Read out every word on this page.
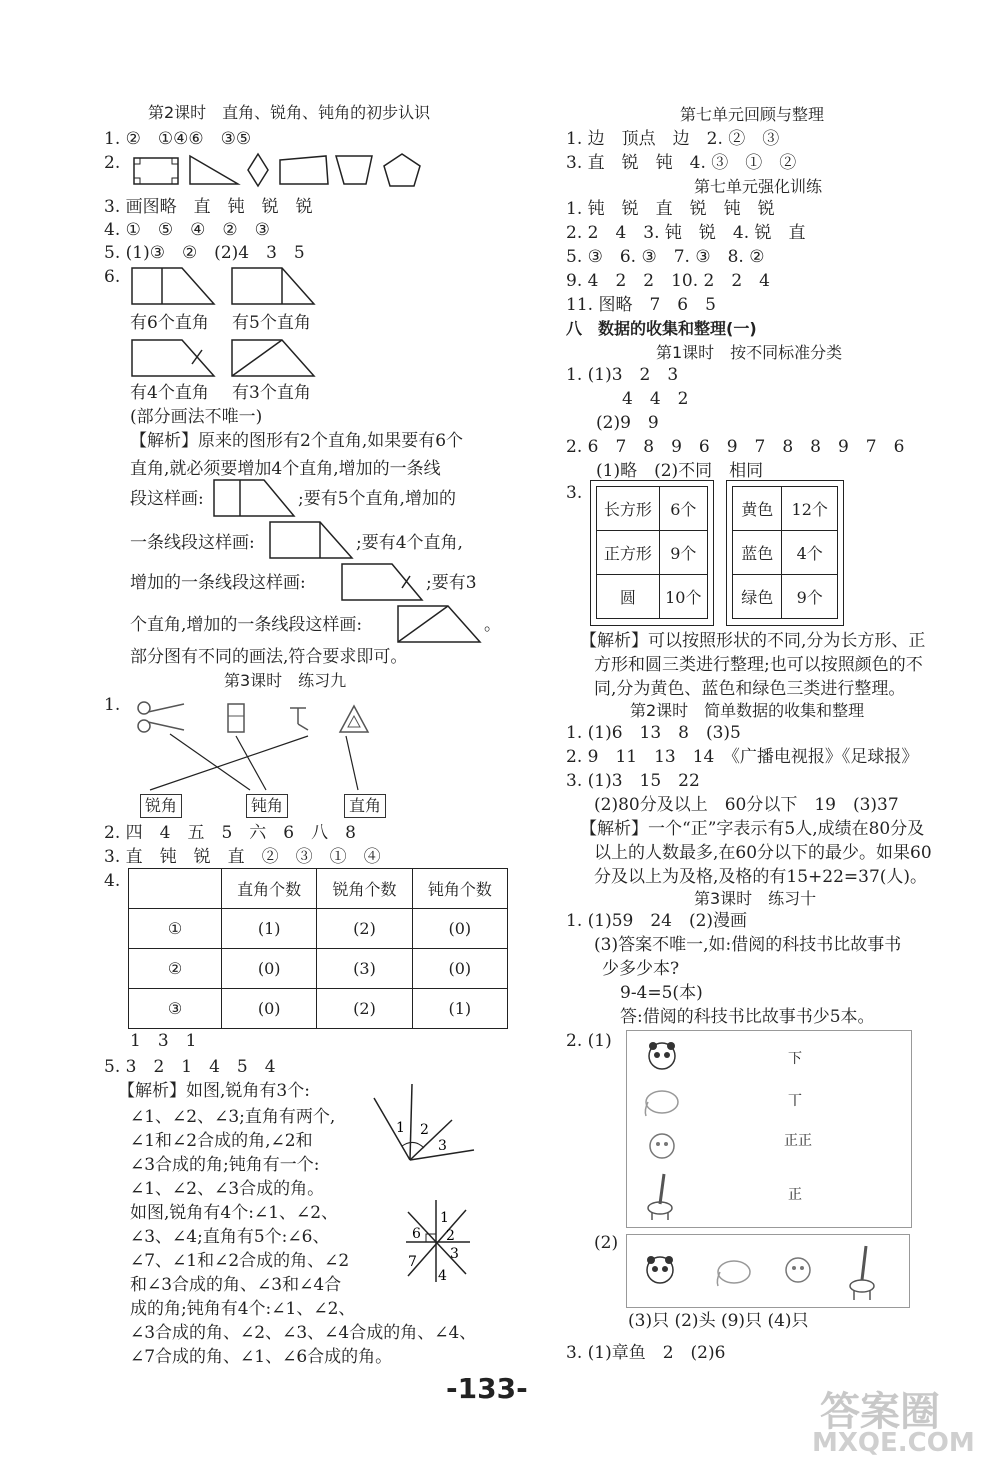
第2课时　直角、锐角、钝角的初步认识
1. ②　①④⑥　③⑤
2.
3. 画图略　直　钝　锐　锐
4. ①　⑤　④　②　③
5. (1)③　②　(2)4　3　5
6.
有6个直角 有5个直角
有4个直角 有3个直角
(部分画法不唯一)
【解析】原来的图形有2个直角,如果要有6个
直角,就必须要增加4个直角,增加的一条线
段这样画:	;要有5个直角,增加的
一条线段这样画:	;要有4个直角,
增加的一条线段这样画:	;要有3
个直角,增加的一条线段这样画:	。
部分图有不同的画法,符合要求即可。
第3课时　练习九
1.
锐角	钝角	直角
2. 四　4　五　5　六　6　八　8
3. 直　钝　锐　直　②　③　①　④
4.
		直角个数	锐角个数	钝角个数
①	(1)	(2)	(0)
②	(0)	(3)	(0)
③	(0)	(2)	(1)
1　3　1
5. 3　2　1　4　5　4
【解析】如图,锐角有3个:
∠1、∠2、∠3;直角有两个,
∠1和∠2合成的角,∠2和
∠3合成的角;钝角有一个:
∠1、∠2、∠3合成的角。
1 2
3
6
1
2
3
4
7
如图,锐角有4个:∠1、∠2、
∠3、∠4;直角有5个:∠6、
∠7、∠1和∠2合成的角、∠2
和∠3合成的角、∠3和∠4合
成的角;钝角有4个:∠1、∠2、
∠3合成的角、∠2、∠3、∠4合成的角、∠4、
∠7合成的角、∠1、∠6合成的角。
第七单元回顾与整理
1. 边　顶点　边　2. ②　③
3. 直　锐　钝　4. ③　①　②
第七单元强化训练
1. 钝　锐　直　锐　钝　锐
2. 2　4　3. 钝　锐　4. 锐　直
5. ③　6. ③　7. ③　8. ②
9. 4　2　2　10. 2　2　4
11. 图略　7　6　5
八　数据的收集和整理(一)
第1课时　按不同标准分类
1. (1)3　2　3
4　4　2
(2)9　9
2. 6　7　8　9　6　9　7　8　8　9　7　6
(1)略　(2)不同　相同
3.
长方形	6个
正方形	9个
圆	10个
黄色	12个
蓝色	4个
绿色	9个
【解析】可以按照形状的不同,分为长方形、正
方形和圆三类进行整理;也可以按照颜色的不
同,分为黄色、蓝色和绿色三类进行整理。
第2课时　简单数据的收集和整理
1. (1)6　13　8　(3)5
2. 9　11　13　14　《广播电视报》《足球报》
3. (1)3　15　22
(2)80分及以上　60分以下　19　(3)37
【解析】一个“正”字表示有5人,成绩在80分及
以上的人数最多,在60分以下的最少。如果60
分及以上为及格,及格的有15+22=37(人)。
第3课时　练习十
1. (1)59　24　(2)漫画
(3)答案不唯一,如:借阅的科技书比故事书
少多少本?
9-4=5(本)
答:借阅的科技书比故事书少5本。
2. (1)
下
丅
正正
正
(2)
(3)只 (2)头 (9)只 (4)只
3. (1)章鱼　2　(2)6
-133-
答案圈
MXQE.COM
